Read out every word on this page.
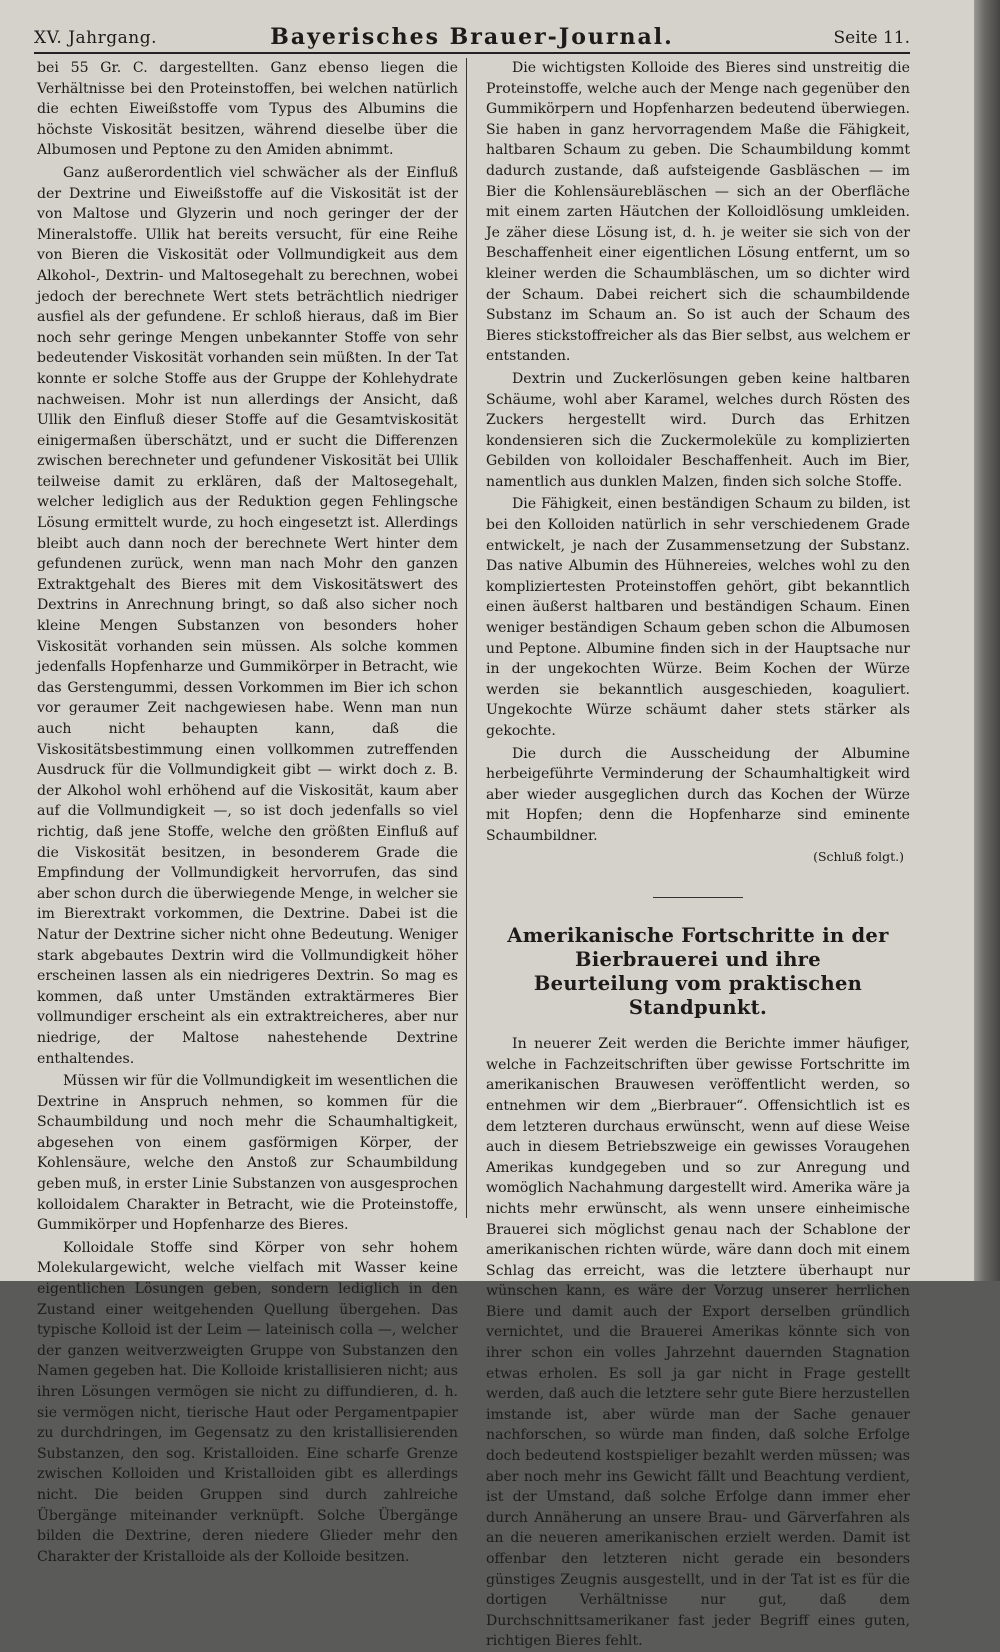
XV. Jahrgang.	Bayerisches Brauer-Journal.	Seite 11.

bei 55 Gr. C. dargestellten. Ganz ebenso liegen die Verhältnisse bei den Proteinstoffen, bei welchen natürlich die echten Eiweißstoffe vom Typus des Albumins die höchste Viskosität besitzen, während dieselbe über die Albumosen und Peptone zu den Amiden abnimmt.

Ganz außerordentlich viel schwächer als der Einfluß der Dextrine und Eiweißstoffe auf die Viskosität ist der von Maltose und Glyzerin und noch geringer der der Mineralstoffe. Ullik hat bereits versucht, für eine Reihe von Bieren die Viskosität oder Vollmundigkeit aus dem Alkohol-, Dextrin- und Maltosegehalt zu berechnen, wobei jedoch der berechnete Wert stets beträchtlich niedriger ausfiel als der gefundene. Er schloß hieraus, daß im Bier noch sehr geringe Mengen unbekannter Stoffe von sehr bedeutender Viskosität vorhanden sein müßten. In der Tat konnte er solche Stoffe aus der Gruppe der Kohlehydrate nachweisen. Mohr ist nun allerdings der Ansicht, daß Ullik den Einfluß dieser Stoffe auf die Gesamtviskosität einigermaßen überschätzt, und er sucht die Differenzen zwischen berechneter und gefundener Viskosität bei Ullik teilweise damit zu erklären, daß der Maltosegehalt, welcher lediglich aus der Reduktion gegen Fehlingsche Lösung ermittelt wurde, zu hoch eingesetzt ist. Allerdings bleibt auch dann noch der berechnete Wert hinter dem gefundenen zurück, wenn man nach Mohr den ganzen Extraktgehalt des Bieres mit dem Viskositätswert des Dextrins in Anrechnung bringt, so daß also sicher noch kleine Mengen Substanzen von besonders hoher Viskosität vorhanden sein müssen. Als solche kommen jedenfalls Hopfenharze und Gummikörper in Betracht, wie das Gerstengummi, dessen Vorkommen im Bier ich schon vor geraumer Zeit nachgewiesen habe. Wenn man nun auch nicht behaupten kann, daß die Viskositätsbestimmung einen vollkommen zutreffenden Ausdruck für die Vollmundigkeit gibt — wirkt doch z. B. der Alkohol wohl erhöhend auf die Viskosität, kaum aber auf die Vollmundigkeit —, so ist doch jedenfalls so viel richtig, daß jene Stoffe, welche den größten Einfluß auf die Viskosität besitzen, in besonderem Grade die Empfindung der Vollmundigkeit hervorrufen, das sind aber schon durch die überwiegende Menge, in welcher sie im Bierextrakt vorkommen, die Dextrine. Dabei ist die Natur der Dextrine sicher nicht ohne Bedeutung. Weniger stark abgebautes Dextrin wird die Vollmundigkeit höher erscheinen lassen als ein niedrigeres Dextrin. So mag es kommen, daß unter Umständen extraktärmeres Bier vollmundiger erscheint als ein extraktreicheres, aber nur niedrige, der Maltose nahestehende Dextrine enthaltendes.

Müssen wir für die Vollmundigkeit im wesentlichen die Dextrine in Anspruch nehmen, so kommen für die Schaumbildung und noch mehr die Schaumhaltigkeit, abgesehen von einem gasförmigen Körper, der Kohlensäure, welche den Anstoß zur Schaumbildung geben muß, in erster Linie Substanzen von ausgesprochen kolloidalem Charakter in Betracht, wie die Proteinstoffe, Gummikörper und Hopfenharze des Bieres.

Kolloidale Stoffe sind Körper von sehr hohem Molekulargewicht, welche vielfach mit Wasser keine eigentlichen Lösungen geben, sondern lediglich in den Zustand einer weitgehenden Quellung übergehen. Das typische Kolloid ist der Leim — lateinisch colla —, welcher der ganzen weitverzweigten Gruppe von Substanzen den Namen gegeben hat. Die Kolloide kristallisieren nicht; aus ihren Lösungen vermögen sie nicht zu diffundieren, d. h. sie vermögen nicht, tierische Haut oder Pergamentpapier zu durchdringen, im Gegensatz zu den kristallisierenden Substanzen, den sog. Kristalloiden. Eine scharfe Grenze zwischen Kolloiden und Kristalloiden gibt es allerdings nicht. Die beiden Gruppen sind durch zahlreiche Übergänge miteinander verknüpft. Solche Übergänge bilden die Dextrine, deren niedere Glieder mehr den Charakter der Kristalloide als der Kolloide besitzen.

Die wichtigsten Kolloide des Bieres sind unstreitig die Proteinstoffe, welche auch der Menge nach gegenüber den Gummikörpern und Hopfenharzen bedeutend überwiegen. Sie haben in ganz hervorragendem Maße die Fähigkeit, haltbaren Schaum zu geben. Die Schaumbildung kommt dadurch zustande, daß aufsteigende Gasbläschen — im Bier die Kohlensäurebläschen — sich an der Oberfläche mit einem zarten Häutchen der Kolloidlösung umkleiden. Je zäher diese Lösung ist, d. h. je weiter sie sich von der Beschaffenheit einer eigentlichen Lösung entfernt, um so kleiner werden die Schaumbläschen, um so dichter wird der Schaum. Dabei reichert sich die schaumbildende Substanz im Schaum an. So ist auch der Schaum des Bieres stickstoffreicher als das Bier selbst, aus welchem er entstanden.

Dextrin und Zuckerlösungen geben keine haltbaren Schäume, wohl aber Karamel, welches durch Rösten des Zuckers hergestellt wird. Durch das Erhitzen kondensieren sich die Zuckermoleküle zu komplizierten Gebilden von kolloidaler Beschaffenheit. Auch im Bier, namentlich aus dunklen Malzen, finden sich solche Stoffe.

Die Fähigkeit, einen beständigen Schaum zu bilden, ist bei den Kolloiden natürlich in sehr verschiedenem Grade entwickelt, je nach der Zusammensetzung der Substanz. Das native Albumin des Hühnereies, welches wohl zu den kompliziertesten Proteinstoffen gehört, gibt bekanntlich einen äußerst haltbaren und beständigen Schaum. Einen weniger beständigen Schaum geben schon die Albumosen und Peptone. Albumine finden sich in der Hauptsache nur in der ungekochten Würze. Beim Kochen der Würze werden sie bekanntlich ausgeschieden, koaguliert. Ungekochte Würze schäumt daher stets stärker als gekochte.

Die durch die Ausscheidung der Albumine herbeigeführte Verminderung der Schaumhaltigkeit wird aber wieder ausgeglichen durch das Kochen der Würze mit Hopfen; denn die Hopfenharze sind eminente Schaumbildner.

(Schluß folgt.)
Amerikanische Fortschritte in der Bierbrauerei und ihre
Beurteilung vom praktischen Standpunkt.

In neuerer Zeit werden die Berichte immer häufiger, welche in Fachzeitschriften über gewisse Fortschritte im amerikanischen Brauwesen veröffentlicht werden, so entnehmen wir dem „Bierbrauer“. Offensichtlich ist es dem letzteren durchaus erwünscht, wenn auf diese Weise auch in diesem Betriebszweige ein gewisses Voraugehen Amerikas kundgegeben und so zur Anregung und womöglich Nachahmung dargestellt wird. Amerika wäre ja nichts mehr erwünscht, als wenn unsere einheimische Brauerei sich möglichst genau nach der Schablone der amerikanischen richten würde, wäre dann doch mit einem Schlag das erreicht, was die letztere überhaupt nur wünschen kann, es wäre der Vorzug unserer herrlichen Biere und damit auch der Export derselben gründlich vernichtet, und die Brauerei Amerikas könnte sich von ihrer schon ein volles Jahrzehnt dauernden Stagnation etwas erholen. Es soll ja gar nicht in Frage gestellt werden, daß auch die letztere sehr gute Biere herzustellen imstande ist, aber würde man der Sache genauer nachforschen, so würde man finden, daß solche Erfolge doch bedeutend kostspieliger bezahlt werden müssen; was aber noch mehr ins Gewicht fällt und Beachtung verdient, ist der Umstand, daß solche Erfolge dann immer eher durch Annäherung an unsere Brau- und Gärverfahren als an die neueren amerikanischen erzielt werden. Damit ist offenbar den letzteren nicht gerade ein besonders günstiges Zeugnis ausgestellt, und in der Tat ist es für die dortigen Verhältnisse nur gut, daß dem Durchschnittsamerikaner fast jeder Begriff eines guten, richtigen Bieres fehlt.
